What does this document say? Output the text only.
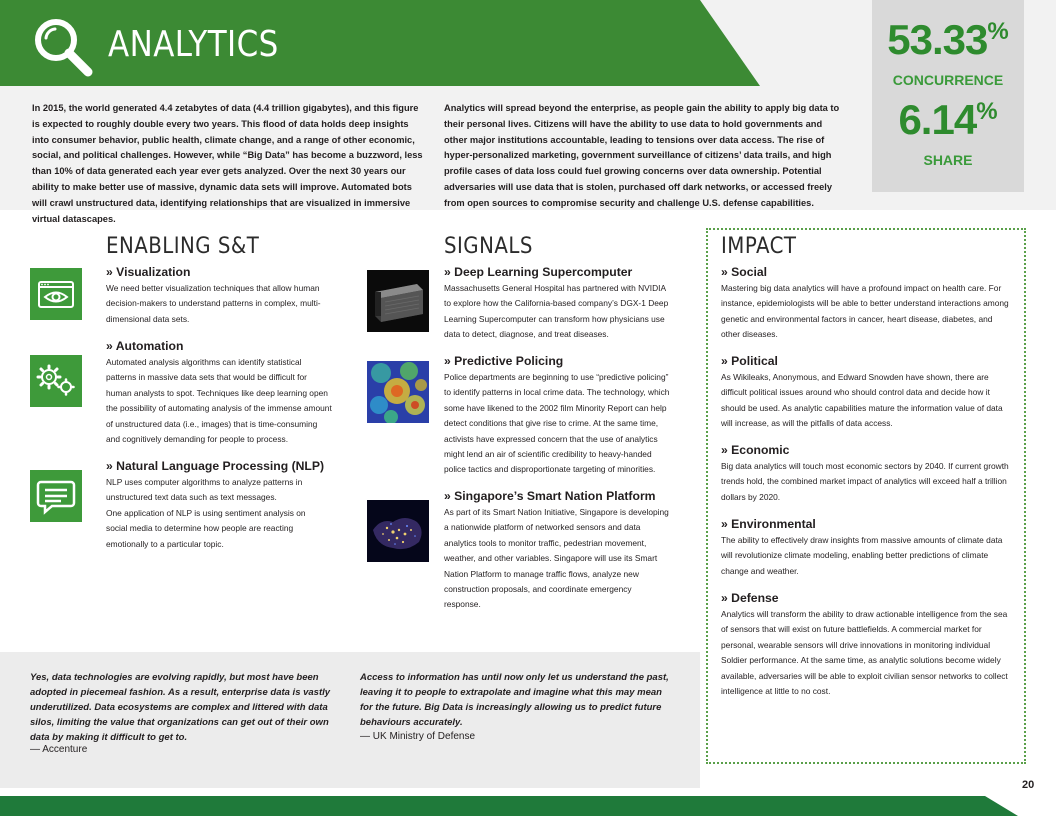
ANALYTICS	53.33%
CONCURRENCE
6.14%
SHARE
In 2015, the world generated 4.4 zetabytes of data (4.4 trillion gigabytes), and this figure is expected to roughly double every two years. This flood of data holds deep insights into consumer behavior, public health, climate change, and a range of other economic, social, and political challenges. However, while “Big Data” has become a buzzword, less than 10% of data generated each year ever gets analyzed. Over the next 30 years our ability to make better use of massive, dynamic data sets will improve. Automated bots will crawl unstructured data, identifying relationships that are visualized in immersive virtual datascapes.
Analytics will spread beyond the enterprise, as people gain the ability to apply big data to their personal lives. Citizens will have the ability to use data to hold governments and other major institutions accountable, leading to tensions over data access. The rise of hyper-personalized marketing, government surveillance of citizens’ data trails, and high profile cases of data loss could fuel growing concerns over data ownership. Potential adversaries will use data that is stolen, purchased off dark networks, or accessed freely from open sources to compromise security and challenge U.S. defense capabilities.
ENABLING S&T
» Visualization
We need better visualization techniques that allow human decision-makers to understand patterns in complex, multi-dimensional data sets.
» Automation
Automated analysis algorithms can identify statistical patterns in massive data sets that would be difficult for human analysts to spot. Techniques like deep learning open the possibility of automating analysis of the immense amount of unstructured data (i.e., images) that is time-consuming and cognitively demanding for people to process.
» Natural Language Processing (NLP)
NLP uses computer algorithms to analyze patterns in unstructured text data such as text messages.
One application of NLP is using sentiment analysis on social media to determine how people are reacting emotionally to a particular topic.
SIGNALS
» Deep Learning Supercomputer
Massachusetts General Hospital has partnered with NVIDIA to explore how the California-based company’s DGX-1 Deep Learning Supercomputer can transform how physicians use data to detect, diagnose, and treat diseases.
» Predictive Policing
Police departments are beginning to use “predictive policing” to identify patterns in local crime data. The technology, which some have likened to the 2002 film Minority Report can help detect conditions that give rise to crime. At the same time, activists have expressed concern that the use of analytics might lend an air of scientific credibility to heavy-handed police tactics and disproportionate targeting of minorities.
» Singapore’s Smart Nation Platform
As part of its Smart Nation Initiative, Singapore is developing a nationwide platform of networked sensors and data analytics tools to monitor traffic, pedestrian movement, weather, and other variables. Singapore will use its Smart Nation Platform to manage traffic flows, analyze new construction proposals, and coordinate emergency response.
IMPACT
» Social
Mastering big data analytics will have a profound impact on health care. For instance, epidemiologists will be able to better understand interactions among genetic and environmental factors in cancer, heart disease, diabetes, and other diseases.
» Political
As Wikileaks, Anonymous, and Edward Snowden have shown, there are difficult political issues around who should control data and decide how it should be used. As analytic capabilities mature the information value of data will increase, as will the pitfalls of data access.
» Economic
Big data analytics will touch most economic sectors by 2040. If current growth trends hold, the combined market impact of analytics will exceed half a trillion dollars by 2020.
» Environmental
The ability to effectively draw insights from massive amounts of climate data will revolutionize climate modeling, enabling better predictions of climate change and weather.
» Defense
Analytics will transform the ability to draw actionable intelligence from the sea of sensors that will exist on future battlefields. A commercial market for personal, wearable sensors will drive innovations in monitoring individual Soldier performance. At the same time, as analytic solutions become widely available, adversaries will be able to exploit civilian sensor networks to collect intelligence at little to no cost.
Yes, data technologies are evolving rapidly, but most have been adopted in piecemeal fashion. As a result, enterprise data is vastly underutilized. Data ecosystems are complex and littered with data silos, limiting the value that organizations can get out of their own data by making it difficult to get to.
— Accenture
Access to information has until now only let us understand the past, leaving it to people to extrapolate and imagine what this may mean for the future. Big Data is increasingly allowing us to predict future behaviours accurately.
— UK Ministry of Defense
20
